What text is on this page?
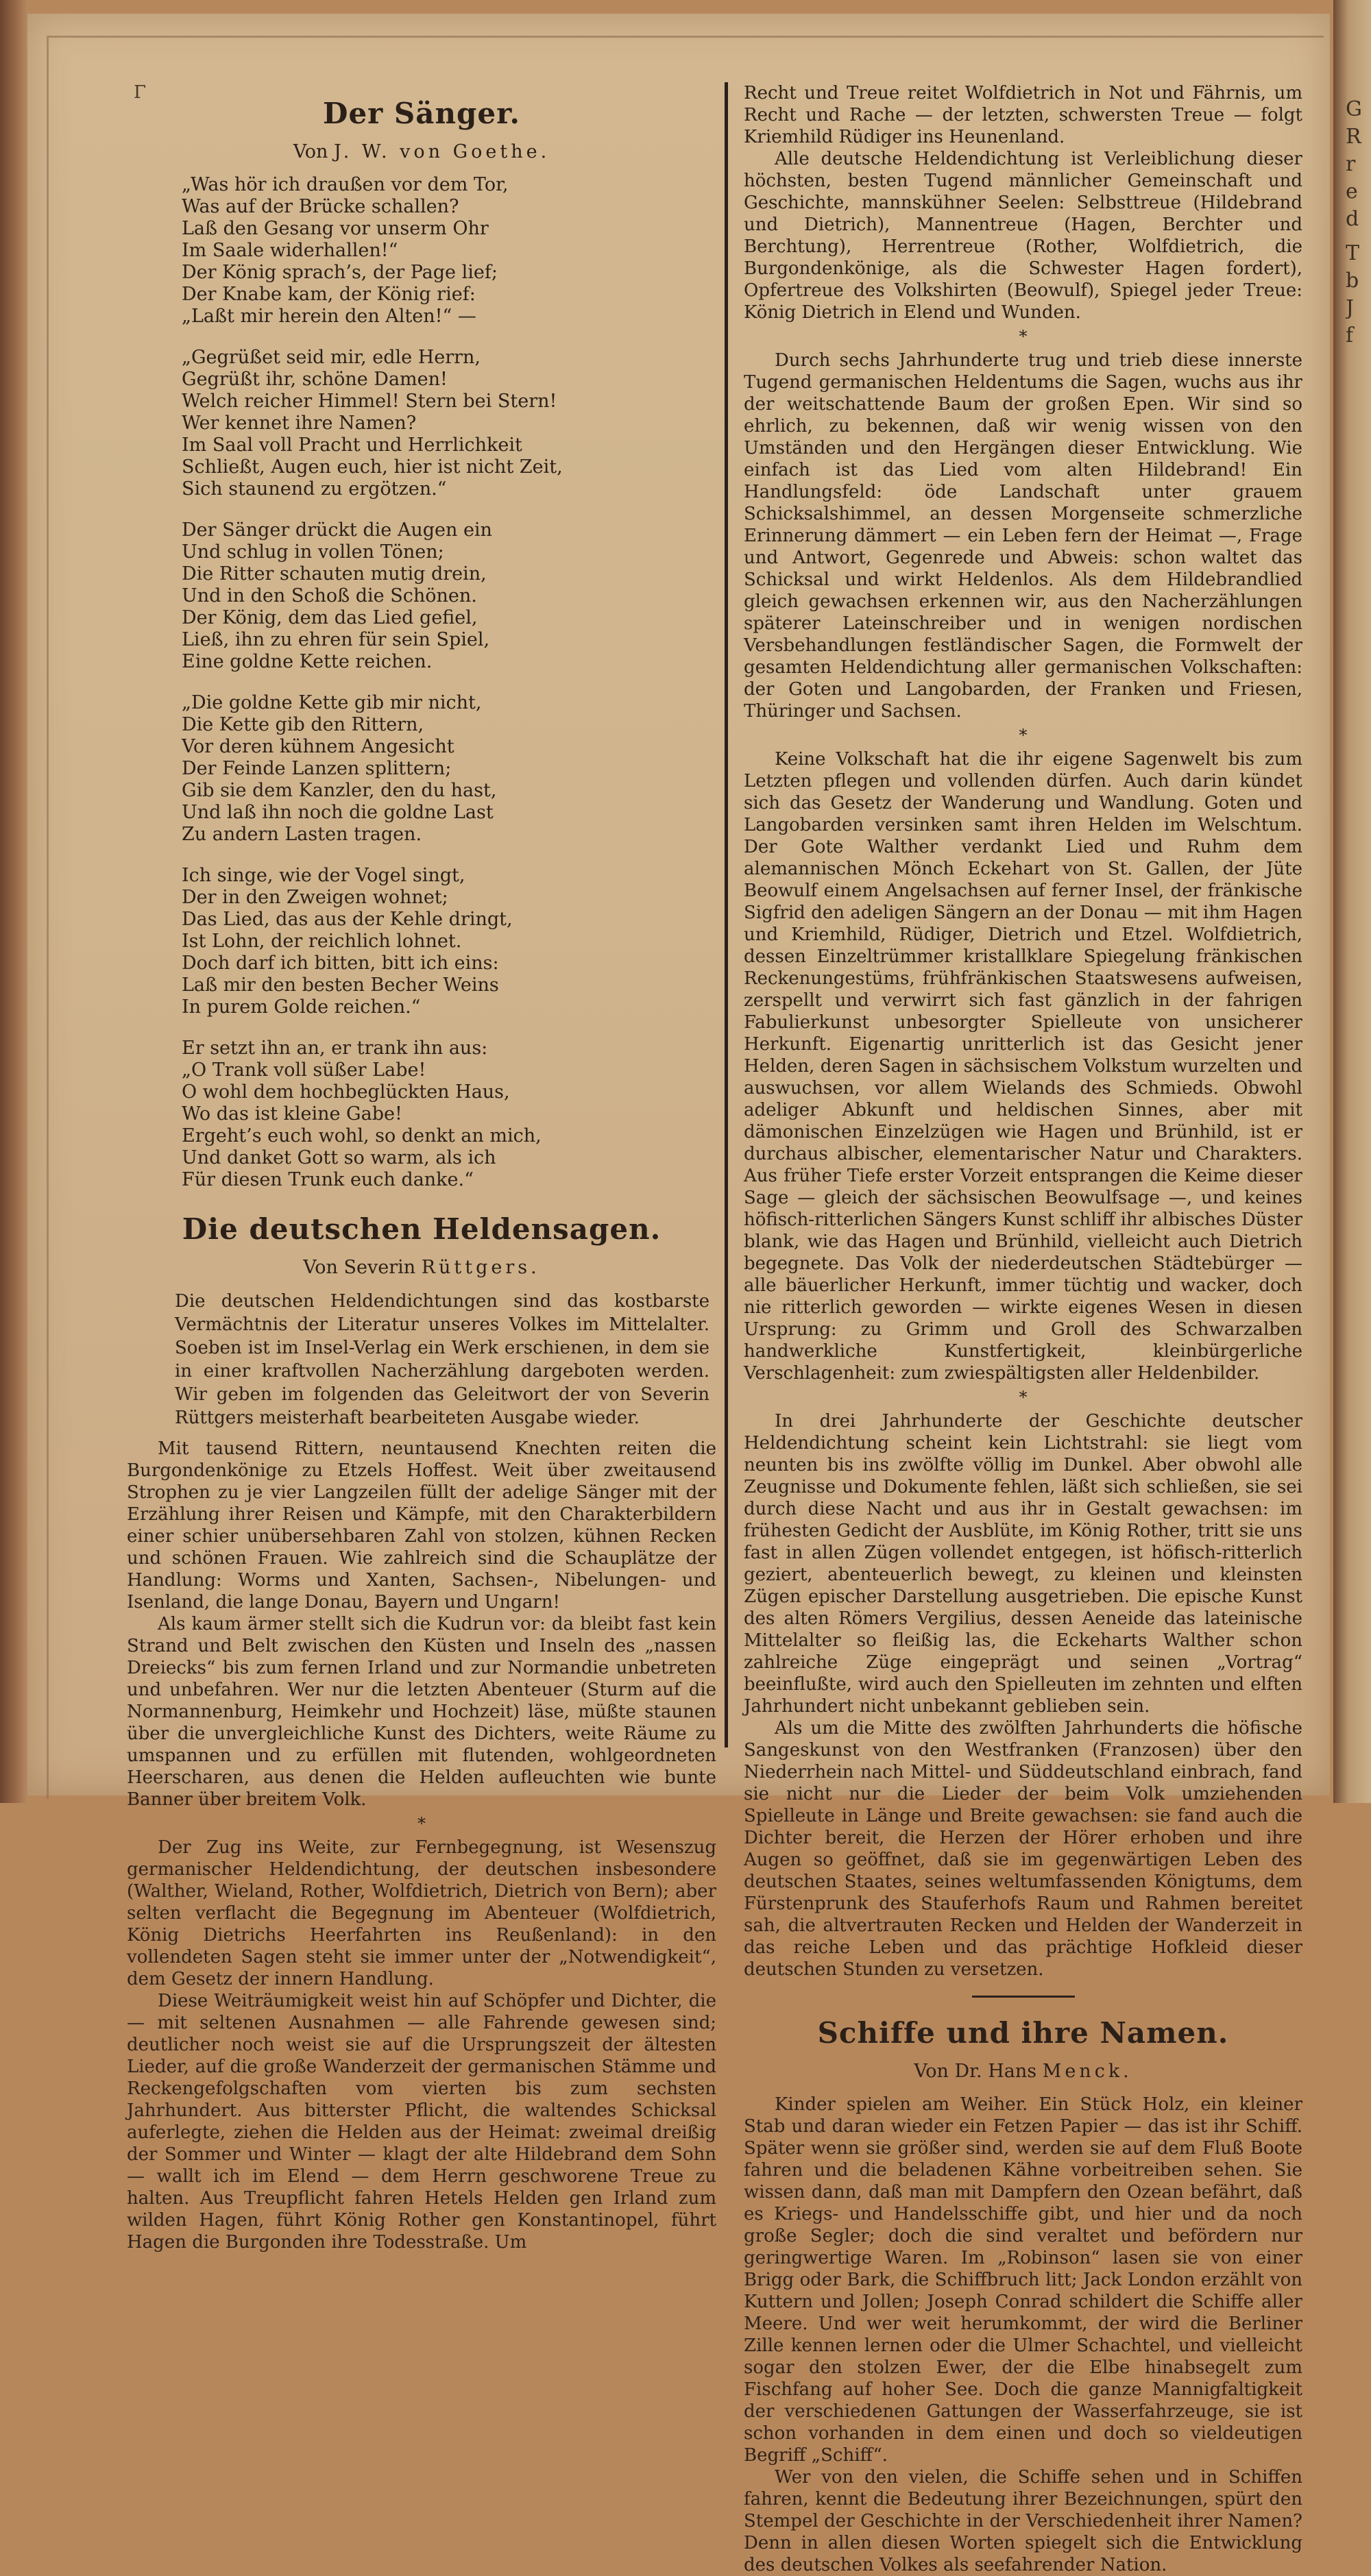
G
R
r
e
d
T
b
J
f
Γ
Der Sänger.
Von J. W. von Goethe.
„Was hör ich draußen vor dem Tor,
Was auf der Brücke schallen?
Laß den Gesang vor unserm Ohr
Im Saale widerhallen!“
Der König sprach’s, der Page lief;
Der Knabe kam, der König rief:
„Laßt mir herein den Alten!“ —
„Gegrüßet seid mir, edle Herrn,
Gegrüßt ihr, schöne Damen!
Welch reicher Himmel! Stern bei Stern!
Wer kennet ihre Namen?
Im Saal voll Pracht und Herrlichkeit
Schließt, Augen euch, hier ist nicht Zeit,
Sich staunend zu ergötzen.“
Der Sänger drückt die Augen ein
Und schlug in vollen Tönen;
Die Ritter schauten mutig drein,
Und in den Schoß die Schönen.
Der König, dem das Lied gefiel,
Ließ, ihn zu ehren für sein Spiel,
Eine goldne Kette reichen.
„Die goldne Kette gib mir nicht,
Die Kette gib den Rittern,
Vor deren kühnem Angesicht
Der Feinde Lanzen splittern;
Gib sie dem Kanzler, den du hast,
Und laß ihn noch die goldne Last
Zu andern Lasten tragen.
Ich singe, wie der Vogel singt,
Der in den Zweigen wohnet;
Das Lied, das aus der Kehle dringt,
Ist Lohn, der reichlich lohnet.
Doch darf ich bitten, bitt ich eins:
Laß mir den besten Becher Weins
In purem Golde reichen.“
Er setzt ihn an, er trank ihn aus:
„O Trank voll süßer Labe!
O wohl dem hochbeglückten Haus,
Wo das ist kleine Gabe!
Ergeht’s euch wohl, so denkt an mich,
Und danket Gott so warm, als ich
Für diesen Trunk euch danke.“
Die deutschen Heldensagen.
Von Severin Rüttgers.

Die deutschen Heldendichtungen sind das kostbarste Vermächtnis der Literatur unseres Volkes im Mittelalter. Soeben ist im Insel-Verlag ein Werk erschienen, in dem sie in einer kraftvollen Nacherzählung dargeboten werden. Wir geben im folgenden das Geleitwort der von Severin Rüttgers meisterhaft bearbeiteten Ausgabe wieder.

Mit tausend Rittern, neuntausend Knechten reiten die Burgondenkönige zu Etzels Hoffest. Weit über zweitausend Strophen zu je vier Langzeilen füllt der adelige Sänger mit der Erzählung ihrer Reisen und Kämpfe, mit den Charakterbildern einer schier unübersehbaren Zahl von stolzen, kühnen Recken und schönen Frauen. Wie zahlreich sind die Schauplätze der Handlung: Worms und Xanten, Sachsen-, Nibelungen- und Isenland, die lange Donau, Bayern und Ungarn!

Als kaum ärmer stellt sich die Kudrun vor: da bleibt fast kein Strand und Belt zwischen den Küsten und Inseln des „nassen Dreiecks“ bis zum fernen Irland und zur Normandie unbetreten und unbefahren. Wer nur die letzten Abenteuer (Sturm auf die Normannenburg, Heimkehr und Hochzeit) läse, müßte staunen über die unvergleichliche Kunst des Dichters, weite Räume zu umspannen und zu erfüllen mit flutenden, wohlgeordneten Heerscharen, aus denen die Helden aufleuchten wie bunte Banner über breitem Volk.

*

Der Zug ins Weite, zur Fernbegegnung, ist Wesenszug germanischer Heldendichtung, der deutschen insbesondere (Walther, Wieland, Rother, Wolfdietrich, Dietrich von Bern); aber selten verflacht die Begegnung im Abenteuer (Wolfdietrich, König Dietrichs Heerfahrten ins Reußenland): in den vollendeten Sagen steht sie immer unter der „Notwendigkeit“, dem Gesetz der innern Handlung.

Diese Weiträumigkeit weist hin auf Schöpfer und Dichter, die — mit seltenen Ausnahmen — alle Fahrende gewesen sind; deutlicher noch weist sie auf die Ursprungszeit der ältesten Lieder, auf die große Wanderzeit der germanischen Stämme und Reckengefolgschaften vom vierten bis zum sechsten Jahrhundert. Aus bitterster Pflicht, die waltendes Schicksal auferlegte, ziehen die Helden aus der Heimat: zweimal dreißig der Sommer und Winter — klagt der alte Hildebrand dem Sohn — wallt ich im Elend — dem Herrn geschworene Treue zu halten. Aus Treupflicht fahren Hetels Helden gen Irland zum wilden Hagen, führt König Rother gen Konstantinopel, führt Hagen die Burgonden ihre Todesstraße. Um

Recht und Treue reitet Wolfdietrich in Not und Fährnis, um Recht und Rache — der letzten, schwersten Treue — folgt Kriemhild Rüdiger ins Heunenland.

Alle deutsche Heldendichtung ist Verleiblichung dieser höchsten, besten Tugend männlicher Gemeinschaft und Geschichte, mannskühner Seelen: Selbsttreue (Hildebrand und Dietrich), Mannentreue (Hagen, Berchter und Berchtung), Herrentreue (Rother, Wolfdietrich, die Burgondenkönige, als die Schwester Hagen fordert), Opfertreue des Volkshirten (Beowulf), Spiegel jeder Treue: König Dietrich in Elend und Wunden.

*

Durch sechs Jahrhunderte trug und trieb diese innerste Tugend germanischen Heldentums die Sagen, wuchs aus ihr der weitschattende Baum der großen Epen. Wir sind so ehrlich, zu bekennen, daß wir wenig wissen von den Umständen und den Hergängen dieser Entwicklung. Wie einfach ist das Lied vom alten Hildebrand! Ein Handlungsfeld: öde Landschaft unter grauem Schicksalshimmel, an dessen Morgenseite schmerzliche Erinnerung dämmert — ein Leben fern der Heimat —, Frage und Antwort, Gegenrede und Abweis: schon waltet das Schicksal und wirkt Heldenlos. Als dem Hildebrandlied gleich gewachsen erkennen wir, aus den Nacherzählungen späterer Lateinschreiber und in wenigen nordischen Versbehandlungen festländischer Sagen, die Formwelt der gesamten Heldendichtung aller germanischen Volkschaften: der Goten und Langobarden, der Franken und Friesen, Thüringer und Sachsen.

*

Keine Volkschaft hat die ihr eigene Sagenwelt bis zum Letzten pflegen und vollenden dürfen. Auch darin kündet sich das Gesetz der Wanderung und Wandlung. Goten und Langobarden versinken samt ihren Helden im Welschtum. Der Gote Walther verdankt Lied und Ruhm dem alemannischen Mönch Eckehart von St. Gallen, der Jüte Beowulf einem Angelsachsen auf ferner Insel, der fränkische Sigfrid den adeligen Sängern an der Donau — mit ihm Hagen und Kriemhild, Rüdiger, Dietrich und Etzel. Wolfdietrich, dessen Einzeltrümmer kristallklare Spiegelung fränkischen Reckenungestüms, frühfränkischen Staatswesens aufweisen, zerspellt und verwirrt sich fast gänzlich in der fahrigen Fabulierkunst unbesorgter Spielleute von unsicherer Herkunft. Eigenartig unritterlich ist das Gesicht jener Helden, deren Sagen in sächsischem Volkstum wurzelten und auswuchsen, vor allem Wielands des Schmieds. Obwohl adeliger Abkunft und heldischen Sinnes, aber mit dämonischen Einzelzügen wie Hagen und Brünhild, ist er durchaus albischer, elementarischer Natur und Charakters. Aus früher Tiefe erster Vorzeit entsprangen die Keime dieser Sage — gleich der sächsischen Beowulfsage —, und keines höfisch-ritterlichen Sängers Kunst schliff ihr albisches Düster blank, wie das Hagen und Brünhild, vielleicht auch Dietrich begegnete. Das Volk der niederdeutschen Städtebürger — alle bäuerlicher Herkunft, immer tüchtig und wacker, doch nie ritterlich geworden — wirkte eigenes Wesen in diesen Ursprung: zu Grimm und Groll des Schwarzalben handwerkliche Kunstfertigkeit, kleinbürgerliche Verschlagenheit: zum zwiespältigsten aller Heldenbilder.

*

In drei Jahrhunderte der Geschichte deutscher Heldendichtung scheint kein Lichtstrahl: sie liegt vom neunten bis ins zwölfte völlig im Dunkel. Aber obwohl alle Zeugnisse und Dokumente fehlen, läßt sich schließen, sie sei durch diese Nacht und aus ihr in Gestalt gewachsen: im frühesten Gedicht der Ausblüte, im König Rother, tritt sie uns fast in allen Zügen vollendet entgegen, ist höfisch-ritterlich geziert, abenteuerlich bewegt, zu kleinen und kleinsten Zügen epischer Darstellung ausgetrieben. Die epische Kunst des alten Römers Vergilius, dessen Aeneide das lateinische Mittelalter so fleißig las, die Eckeharts Walther schon zahlreiche Züge eingeprägt und seinen „Vortrag“ beeinflußte, wird auch den Spielleuten im zehnten und elften Jahrhundert nicht unbekannt geblieben sein.

Als um die Mitte des zwölften Jahrhunderts die höfische Sangeskunst von den Westfranken (Franzosen) über den Niederrhein nach Mittel- und Süddeutschland einbrach, fand sie nicht nur die Lieder der beim Volk umziehenden Spielleute in Länge und Breite gewachsen: sie fand auch die Dichter bereit, die Herzen der Hörer erhoben und ihre Augen so geöffnet, daß sie im gegenwärtigen Leben des deutschen Staates, seines weltumfassenden Königtums, dem Fürstenprunk des Stauferhofs Raum und Rahmen bereitet sah, die altvertrauten Recken und Helden der Wanderzeit in das reiche Leben und das prächtige Hofkleid dieser deutschen Stunden zu versetzen.

Schiffe und ihre Namen.
Von Dr. Hans Menck.

Kinder spielen am Weiher. Ein Stück Holz, ein kleiner Stab und daran wieder ein Fetzen Papier — das ist ihr Schiff. Später wenn sie größer sind, werden sie auf dem Fluß Boote fahren und die beladenen Kähne vorbeitreiben sehen. Sie wissen dann, daß man mit Dampfern den Ozean befährt, daß es Kriegs- und Handelsschiffe gibt, und hier und da noch große Segler; doch die sind veraltet und befördern nur geringwertige Waren. Im „Robinson“ lasen sie von einer Brigg oder Bark, die Schiffbruch litt; Jack London erzählt von Kuttern und Jollen; Joseph Conrad schildert die Schiffe aller Meere. Und wer weit herumkommt, der wird die Berliner Zille kennen lernen oder die Ulmer Schachtel, und vielleicht sogar den stolzen Ewer, der die Elbe hinabsegelt zum Fischfang auf hoher See. Doch die ganze Mannigfaltigkeit der verschiedenen Gattungen der Wasserfahrzeuge, sie ist schon vorhanden in dem einen und doch so vieldeutigen Begriff „Schiff“.

Wer von den vielen, die Schiffe sehen und in Schiffen fahren, kennt die Bedeutung ihrer Bezeichnungen, spürt den Stempel der Geschichte in der Verschiedenheit ihrer Namen? Denn in allen diesen Worten spiegelt sich die Entwicklung des deutschen Volkes als seefahrender Nation.
